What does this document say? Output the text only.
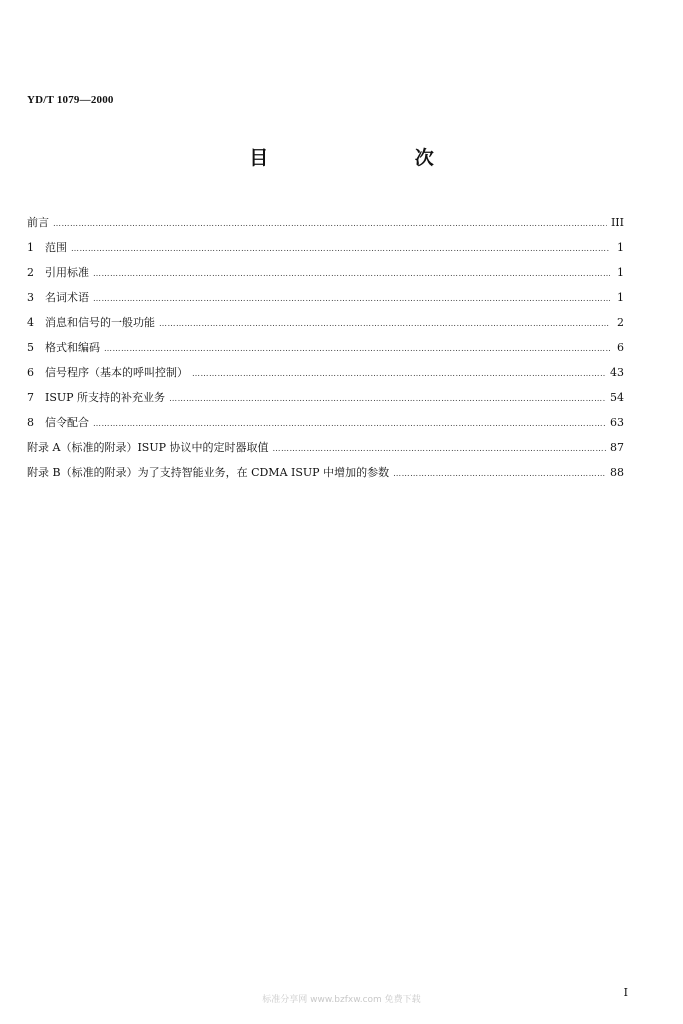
YD/T 1079—2000
目 次
前言 …………………………………………………………………………………………………………………………………………………………………………………………………………………………………………………………	III
1	范围 …………………………………………………………………………………………………………………………………………………………………………………………………………………………………………………………	1
2	引用标准 …………………………………………………………………………………………………………………………………………………………………………………………………………………………………………………………	1
3	名词术语 …………………………………………………………………………………………………………………………………………………………………………………………………………………………………………………………	1
4	消息和信号的一般功能 …………………………………………………………………………………………………………………………………………………………………………………………………………………………………………………………	2
5	格式和编码 …………………………………………………………………………………………………………………………………………………………………………………………………………………………………………………………	6
6	信号程序（基本的呼叫控制） …………………………………………………………………………………………………………………………………………………………………………………………………………………………………………………………	43
7	ISUP 所支持的补充业务 …………………………………………………………………………………………………………………………………………………………………………………………………………………………………………………………	54
8	信令配合 …………………………………………………………………………………………………………………………………………………………………………………………………………………………………………………………	63
附录 A（标准的附录）ISUP 协议中的定时器取值 …………………………………………………………………………………………………………………………………………………………………………………………………………………………………………………………	87
附录 B（标准的附录）为了支持智能业务，在 CDMA ISUP 中增加的参数 …………………………………………………………………………………………………………………………………………………………………………………………………………………………………………………………	88
I
标准分享网 www.bzfxw.com 免费下载
